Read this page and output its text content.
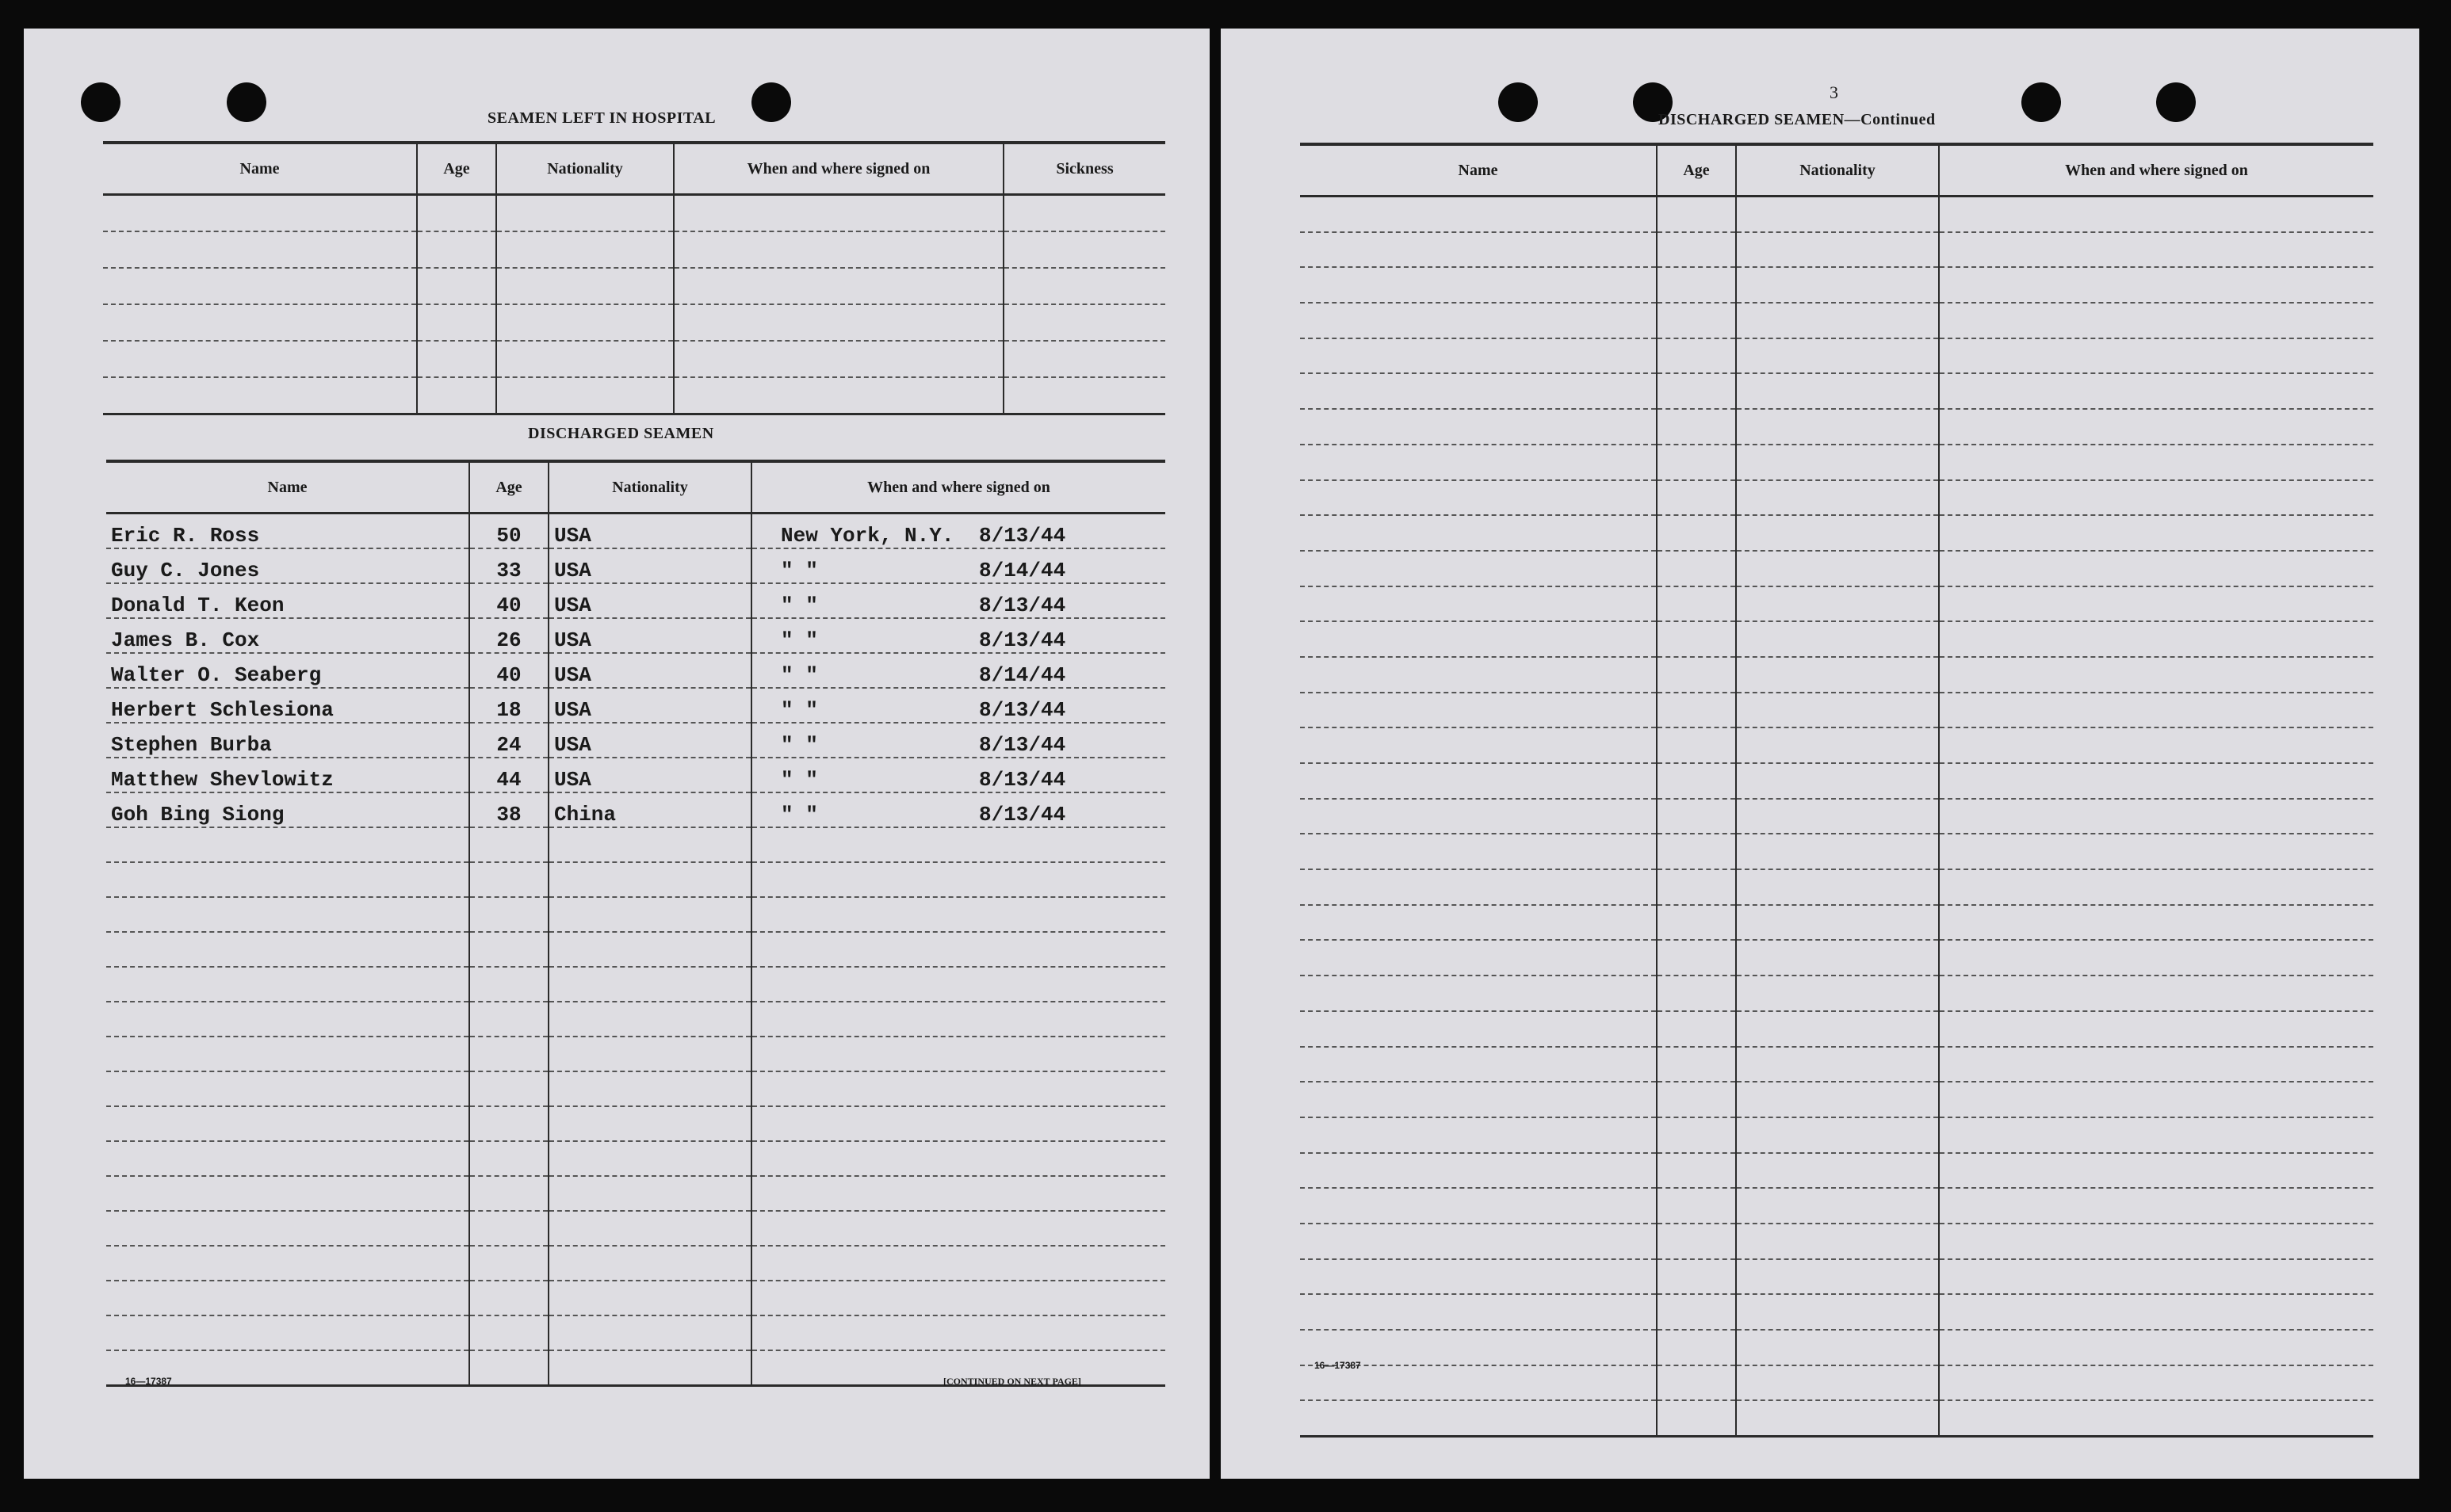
SEAMEN LEFT IN HOSPITAL
Name	Age	Nationality	When and where signed on	Sickness

DISCHARGED SEAMEN
Name	Age	Nationality	When and where signed on
Eric R. Ross	50	USA	New York, N.Y. 8/13/44
Guy C. Jones	33	USA	" " 8/14/44
Donald T. Keon	40	USA	" " 8/13/44
James B. Cox	26	USA	" " 8/13/44
Walter O. Seaberg	40	USA	" " 8/14/44
Herbert Schlesiona	18	USA	" " 8/13/44
Stephen Burba	24	USA	" " 8/13/44
Matthew Shevlowitz	44	USA	" " 8/13/44
Goh Bing Siong	38	China	" " 8/13/44

16—17387	[CONTINUED ON NEXT PAGE]
3
DISCHARGED SEAMEN—Continued
Name	Age	Nationality	When and where signed on

16—17387
